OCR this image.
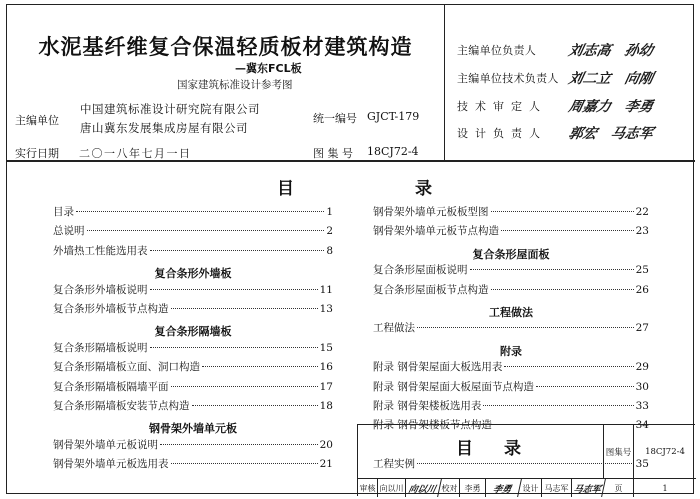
水泥基纤维复合保温轻质板材建筑构造
—冀东FCL板
国家建筑标准设计参考图
主编单位
中国建筑标准设计研究院有限公司
唐山冀东发展集成房屋有限公司
统一编号 GJCT-179
实行日期 二〇一八年七月一日	图 集 号 18CJ72-4
主编单位负责人	刘志高 孙幼
主编单位技术负责人 刘二立 向刚
技术审定人	周嘉力 李勇
设计负责人	郭宏 马志军
目	录
目录	1
总说明	2
外墙热工性能选用表	8
复合条形外墙板
复合条形外墙板说明	11
复合条形外墙板节点构造	13
复合条形隔墙板
复合条形隔墙板说明	15
复合条形隔墙板立面、洞口构造	16
复合条形隔墙板隔墙平面	17
复合条形隔墙板安装节点构造	18
钢骨架外墙单元板
钢骨架外墙单元板说明	20
钢骨架外墙单元板选用表	21
钢骨架外墙单元板板型图	22
钢骨架外墙单元板节点构造	23
复合条形屋面板
复合条形屋面板说明	25
复合条形屋面板节点构造	26
工程做法
工程做法	27
附录
附录 钢骨架屋面大板选用表	29
附录 钢骨架屋面大板屋面节点构造	30
附录 钢骨架楼板选用表	33
附录 钢骨架楼板节点构造	34
工程实例	35
目 录	图集号	18CJ72-4
审核 向以川 向以川 校对 李勇	李勇	设计 马志军 马志军	页	1
